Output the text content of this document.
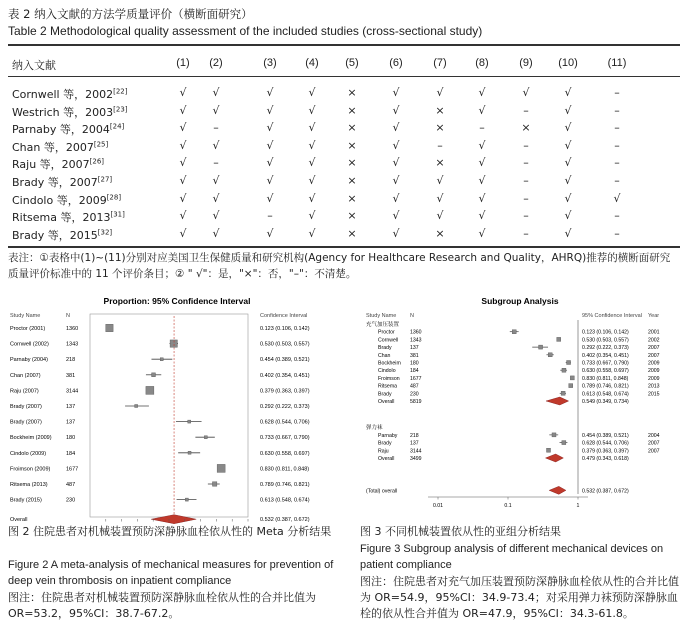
表 2 纳入文献的方法学质量评价（横断面研究）
Table 2 Methodological quality assessment of the included studies (cross-sectional study)
纳入文献	(1)	(2)	(3)	(4)	(5)	(6)	(7)	(8)	(9)	(10)	(11)
Cornwell 等，2002[22]	√	√	√	√	×	√	√	√	√	√	–
Westrich 等，2003[23]	√	√	√	√	×	√	×	√	–	√	–
Parnaby 等，2004[24]	√	–	√	√	×	√	×	–	×	√	–
Chan 等，2007[25]	√	√	√	√	×	√	–	√	–	√	–
Raju 等，2007[26]	√	–	√	√	×	√	×	√	–	√	–
Brady 等，2007[27]	√	√	√	√	×	√	√	√	–	√	–
Cindolo 等，2009[28]	√	√	√	√	×	√	√	√	–	√	√
Ritsema 等，2013[31]	√	√	–	√	×	√	√	√	–	√	–
Brady 等，2015[32]	√	√	√	√	×	√	×	√	–	√	–
表注：①表格中(1)~(11)分别对应美国卫生保健质量和研究机构(Agency for Healthcare Research and Quality，AHRQ)推荐的横断面研究质量评价标准中的 11 个评价条目；② " √"：是，"×"：否，"–"：不清楚。
Proportion: 95% Confidence Interval
Study Name	N	Confidence Interval
Proctor (2001)	1360	0.123 (0.106, 0.142)
Cornwell (2002)	1343	0.530 (0.503, 0.557)
Parnaby (2004)	218	0.454 (0.389, 0.521)
Chan (2007)	381	0.402 (0.354, 0.451)
Raju (2007)	3144	0.379 (0.363, 0.397)
Brady (2007)	137	0.292 (0.222, 0.373)
Brady (2007)	137	0.628 (0.544, 0.706)
Bockheim (2009)	180	0.733 (0.667, 0.790)
Cindolo (2009)	184	0.630 (0.558, 0.697)
Froimson (2009)	1677	0.830 (0.811, 0.848)
Ritsema (2013)	487	0.789 (0.746, 0.821)
Brady (2015)	230	0.613 (0.548, 0.674)
Overall	0.532 (0.387, 0.672)
图 2 住院患者对机械装置预防深静脉血栓依从性的 Meta 分析结果
Figure 2 A meta-analysis of mechanical measures for prevention of deep vein thrombosis on inpatient compliance
图注：住院患者对机械装置预防深静脉血栓依从性的合并比值为 OR=53.2，95%CI：38.7-67.2。
Subgroup Analysis
Study Name N	95% Confidence Interval Year
充气加压装置
Proctor	1360	0.123 (0.106, 0.142)	2001
Cornwell 1343	0.530 (0.503, 0.557)	2002
Brady	137	0.292 (0.222, 0.373)	2007
Chan	381	0.402 (0.354, 0.451)	2007
Bockheim 180	0.733 (0.667, 0.790)	2009
Cindolo	184	0.630 (0.558, 0.697)	2009
Froimson 1677	0.830 (0.811, 0.848)	2009
Ritsema 487	0.789 (0.746, 0.821)	2013
Brady	230	0.613 (0.548, 0.674)	2015
Overall	5819	0.549 (0.349, 0.734)
弹力袜
Parnaby 218	0.454 (0.389, 0.521)	2004
Brady	137	0.628 (0.544, 0.706)	2007
Raju	3144	0.379 (0.363, 0.397)	2007
Overall	3499	0.479 (0.343, 0.618)
(Total) overall	0.532 (0.387, 0.672)
0.01	0.1	1
图 3 不同机械装置依从性的亚组分析结果
Figure 3 Subgroup analysis of different mechanical devices on patient compliance
图注：住院患者对充气加压装置预防深静脉血栓依从性的合并比值为 OR=54.9，95%CI：34.9-73.4；对采用弹力袜预防深静脉血栓的依从性合并值为 OR=47.9，95%CI：34.3-61.8。
